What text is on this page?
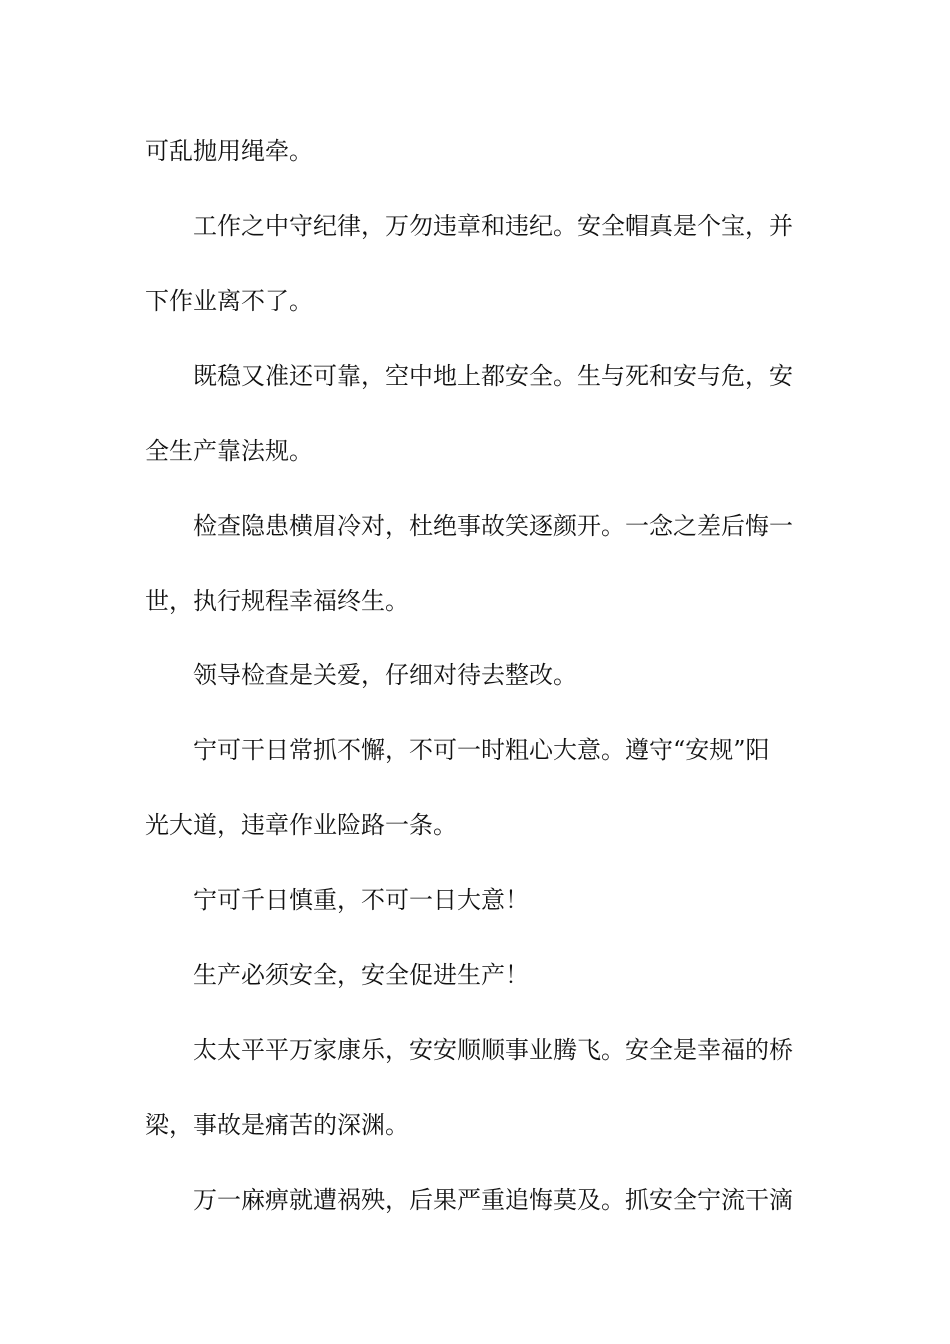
可乱抛用绳牵。
工作之中守纪律，万勿违章和违纪。安全帽真是个宝，并
下作业离不了。
既稳又准还可靠，空中地上都安全。生与死和安与危，安
全生产靠法规。
检查隐患横眉冷对，杜绝事故笑逐颜开。一念之差后悔一
世，执行规程幸福终生。
领导检查是关爱，仔细对待去整改。
宁可干日常抓不懈，不可一时粗心大意。遵守“安规”阳
光大道，违章作业险路一条。
宁可千日慎重，不可一日大意！
生产必须安全，安全促进生产！
太太平平万家康乐，安安顺顺事业腾飞。安全是幸福的桥
梁，事故是痛苦的深渊。
万一麻痹就遭祸殃，后果严重追悔莫及。抓安全宁流干滴
